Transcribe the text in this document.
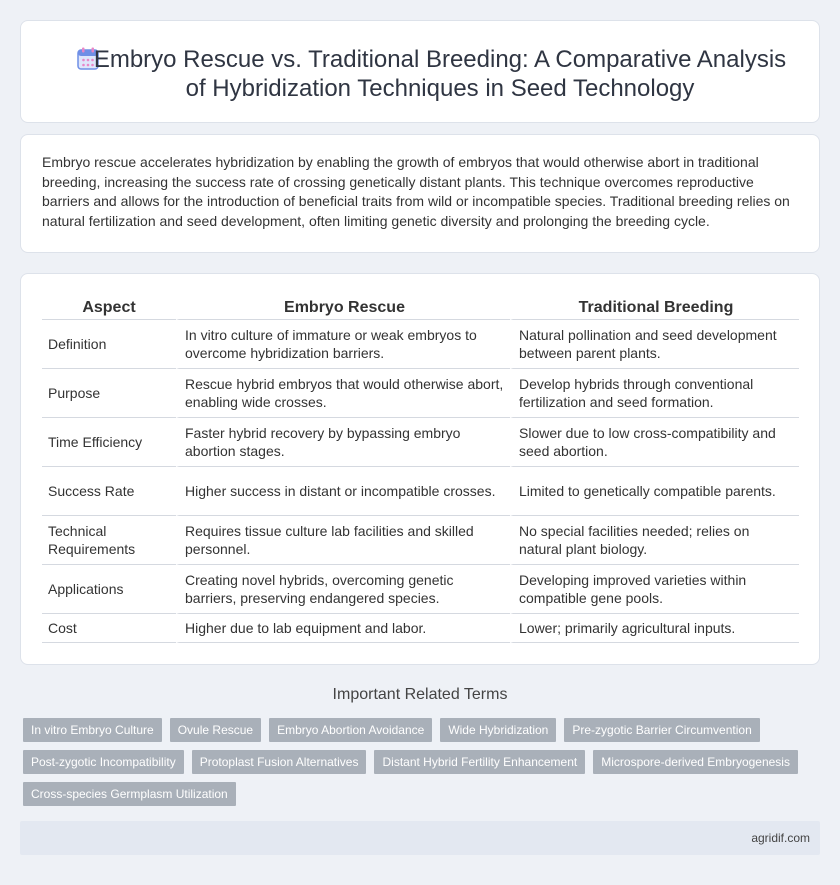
Embryo Rescue vs. Traditional Breeding: A Comparative Analysis of Hybridization Techniques in Seed Technology

Embryo rescue accelerates hybridization by enabling the growth of embryos that would otherwise abort in traditional breeding, increasing the success rate of crossing genetically distant plants. This technique overcomes reproductive barriers and allows for the introduction of beneficial traits from wild or incompatible species. Traditional breeding relies on natural fertilization and seed development, often limiting genetic diversity and prolonging the breeding cycle.

Aspect	Embryo Rescue	Traditional Breeding
Definition	In vitro culture of immature or weak embryos to overcome hybridization barriers.	Natural pollination and seed development between parent plants.
Purpose	Rescue hybrid embryos that would otherwise abort, enabling wide crosses.	Develop hybrids through conventional fertilization and seed formation.
Time Efficiency	Faster hybrid recovery by bypassing embryo abortion stages.	Slower due to low cross-compatibility and seed abortion.
Success Rate	Higher success in distant or incompatible crosses.	Limited to genetically compatible parents.
Technical Requirements	Requires tissue culture lab facilities and skilled personnel.	No special facilities needed; relies on natural plant biology.
Applications	Creating novel hybrids, overcoming genetic barriers, preserving endangered species.	Developing improved varieties within compatible gene pools.
Cost	Higher due to lab equipment and labor.	Lower; primarily agricultural inputs.
Important Related Terms
In vitro Embryo Culture	Ovule Rescue	Embryo Abortion Avoidance	Wide Hybridization	Pre-zygotic Barrier Circumvention
Post-zygotic Incompatibility	Protoplast Fusion Alternatives	Distant Hybrid Fertility Enhancement	Microspore-derived Embryogenesis
Cross-species Germplasm Utilization
agridif.com
